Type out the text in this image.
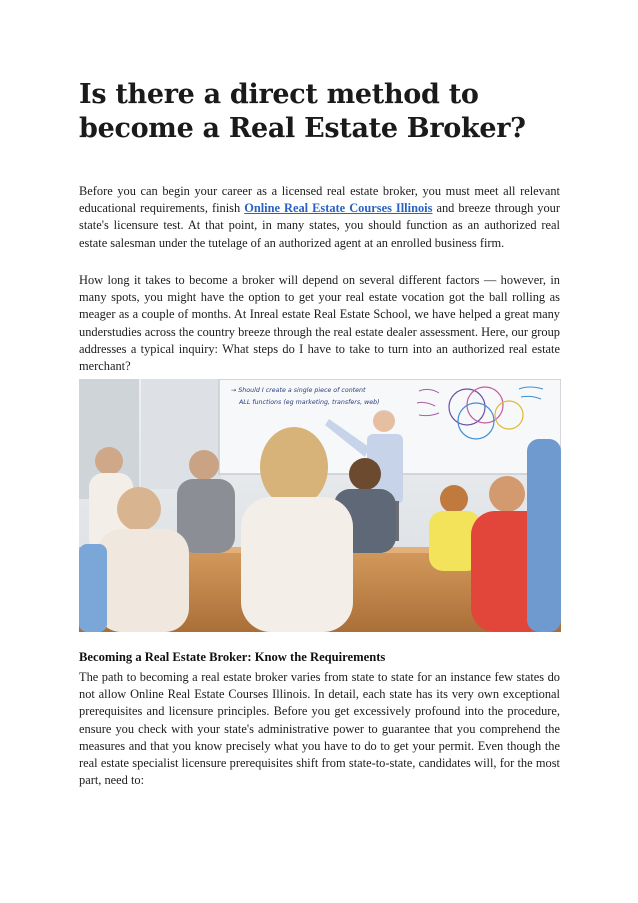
Is there a direct method to become a Real Estate Broker?

Before you can begin your career as a licensed real estate broker, you must meet all relevant educational requirements, finish Online Real Estate Courses Illinois and breeze through your state's licensure test. At that point, in many states, you should function as an authorized real estate salesman under the tutelage of an authorized agent at an enrolled business firm.

How long it takes to become a broker will depend on several different factors — however, in many spots, you might have the option to get your real estate vocation got the ball rolling as meager as a couple of months. At Inreal estate Real Estate School, we have helped a great many understudies across the country breeze through the real estate dealer assessment. Here, our group addresses a typical inquiry: What steps do I have to take to turn into an authorized real estate merchant?

→ Should I create a single piece of content
ALL functions (eg marketing, transfers, web)
Becoming a Real Estate Broker: Know the Requirements

The path to becoming a real estate broker varies from state to state for an instance few states do not allow Online Real Estate Courses Illinois. In detail, each state has its very own exceptional prerequisites and licensure principles. Before you get excessively profound into the procedure, ensure you check with your state's administrative power to guarantee that you comprehend the measures and that you know precisely what you have to do to get your permit. Even though the real estate specialist licensure prerequisites shift from state-to-state, candidates will, for the most part, need to:
